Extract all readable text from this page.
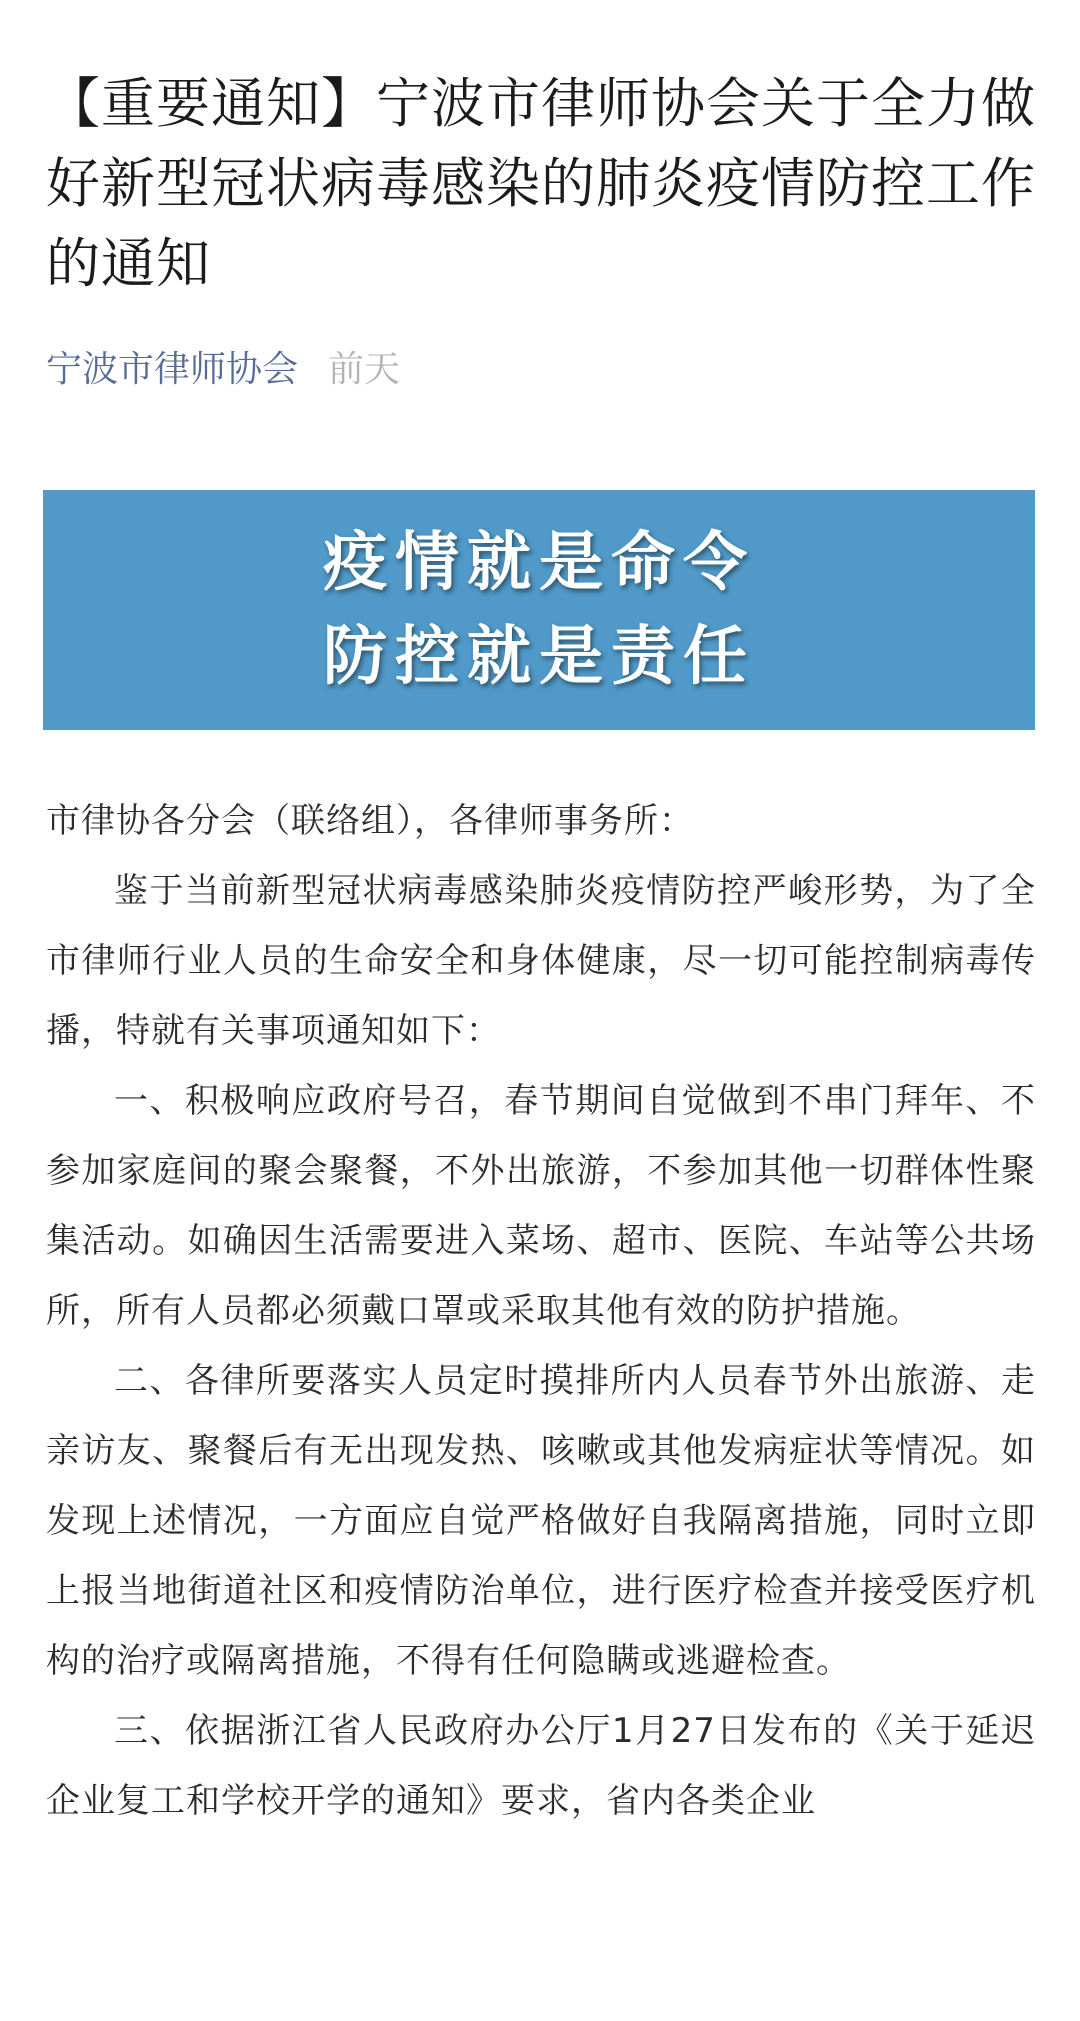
【重要通知】宁波市律师协会关于全力做好新型冠状病毒感染的肺炎疫情防控工作的通知
宁波市律师协会 前天
疫情就是命令
防控就是责任

市律协各分会（联络组），各律师事务所：

鉴于当前新型冠状病毒感染肺炎疫情防控严峻形势，为了全市律师行业人员的生命安全和身体健康，尽一切可能控制病毒传播，特就有关事项通知如下：

一、积极响应政府号召，春节期间自觉做到不串门拜年、不参加家庭间的聚会聚餐，不外出旅游，不参加其他一切群体性聚集活动。如确因生活需要进入菜场、超市、医院、车站等公共场所，所有人员都必须戴口罩或采取其他有效的防护措施。

二、各律所要落实人员定时摸排所内人员春节外出旅游、走亲访友、聚餐后有无出现发热、咳嗽或其他发病症状等情况。如发现上述情况，一方面应自觉严格做好自我隔离措施，同时立即上报当地街道社区和疫情防治单位，进行医疗检查并接受医疗机构的治疗或隔离措施，不得有任何隐瞒或逃避检查。

三、依据浙江省人民政府办公厅1月27日发布的《关于延迟企业复工和学校开学的通知》要求，省内各类企业
